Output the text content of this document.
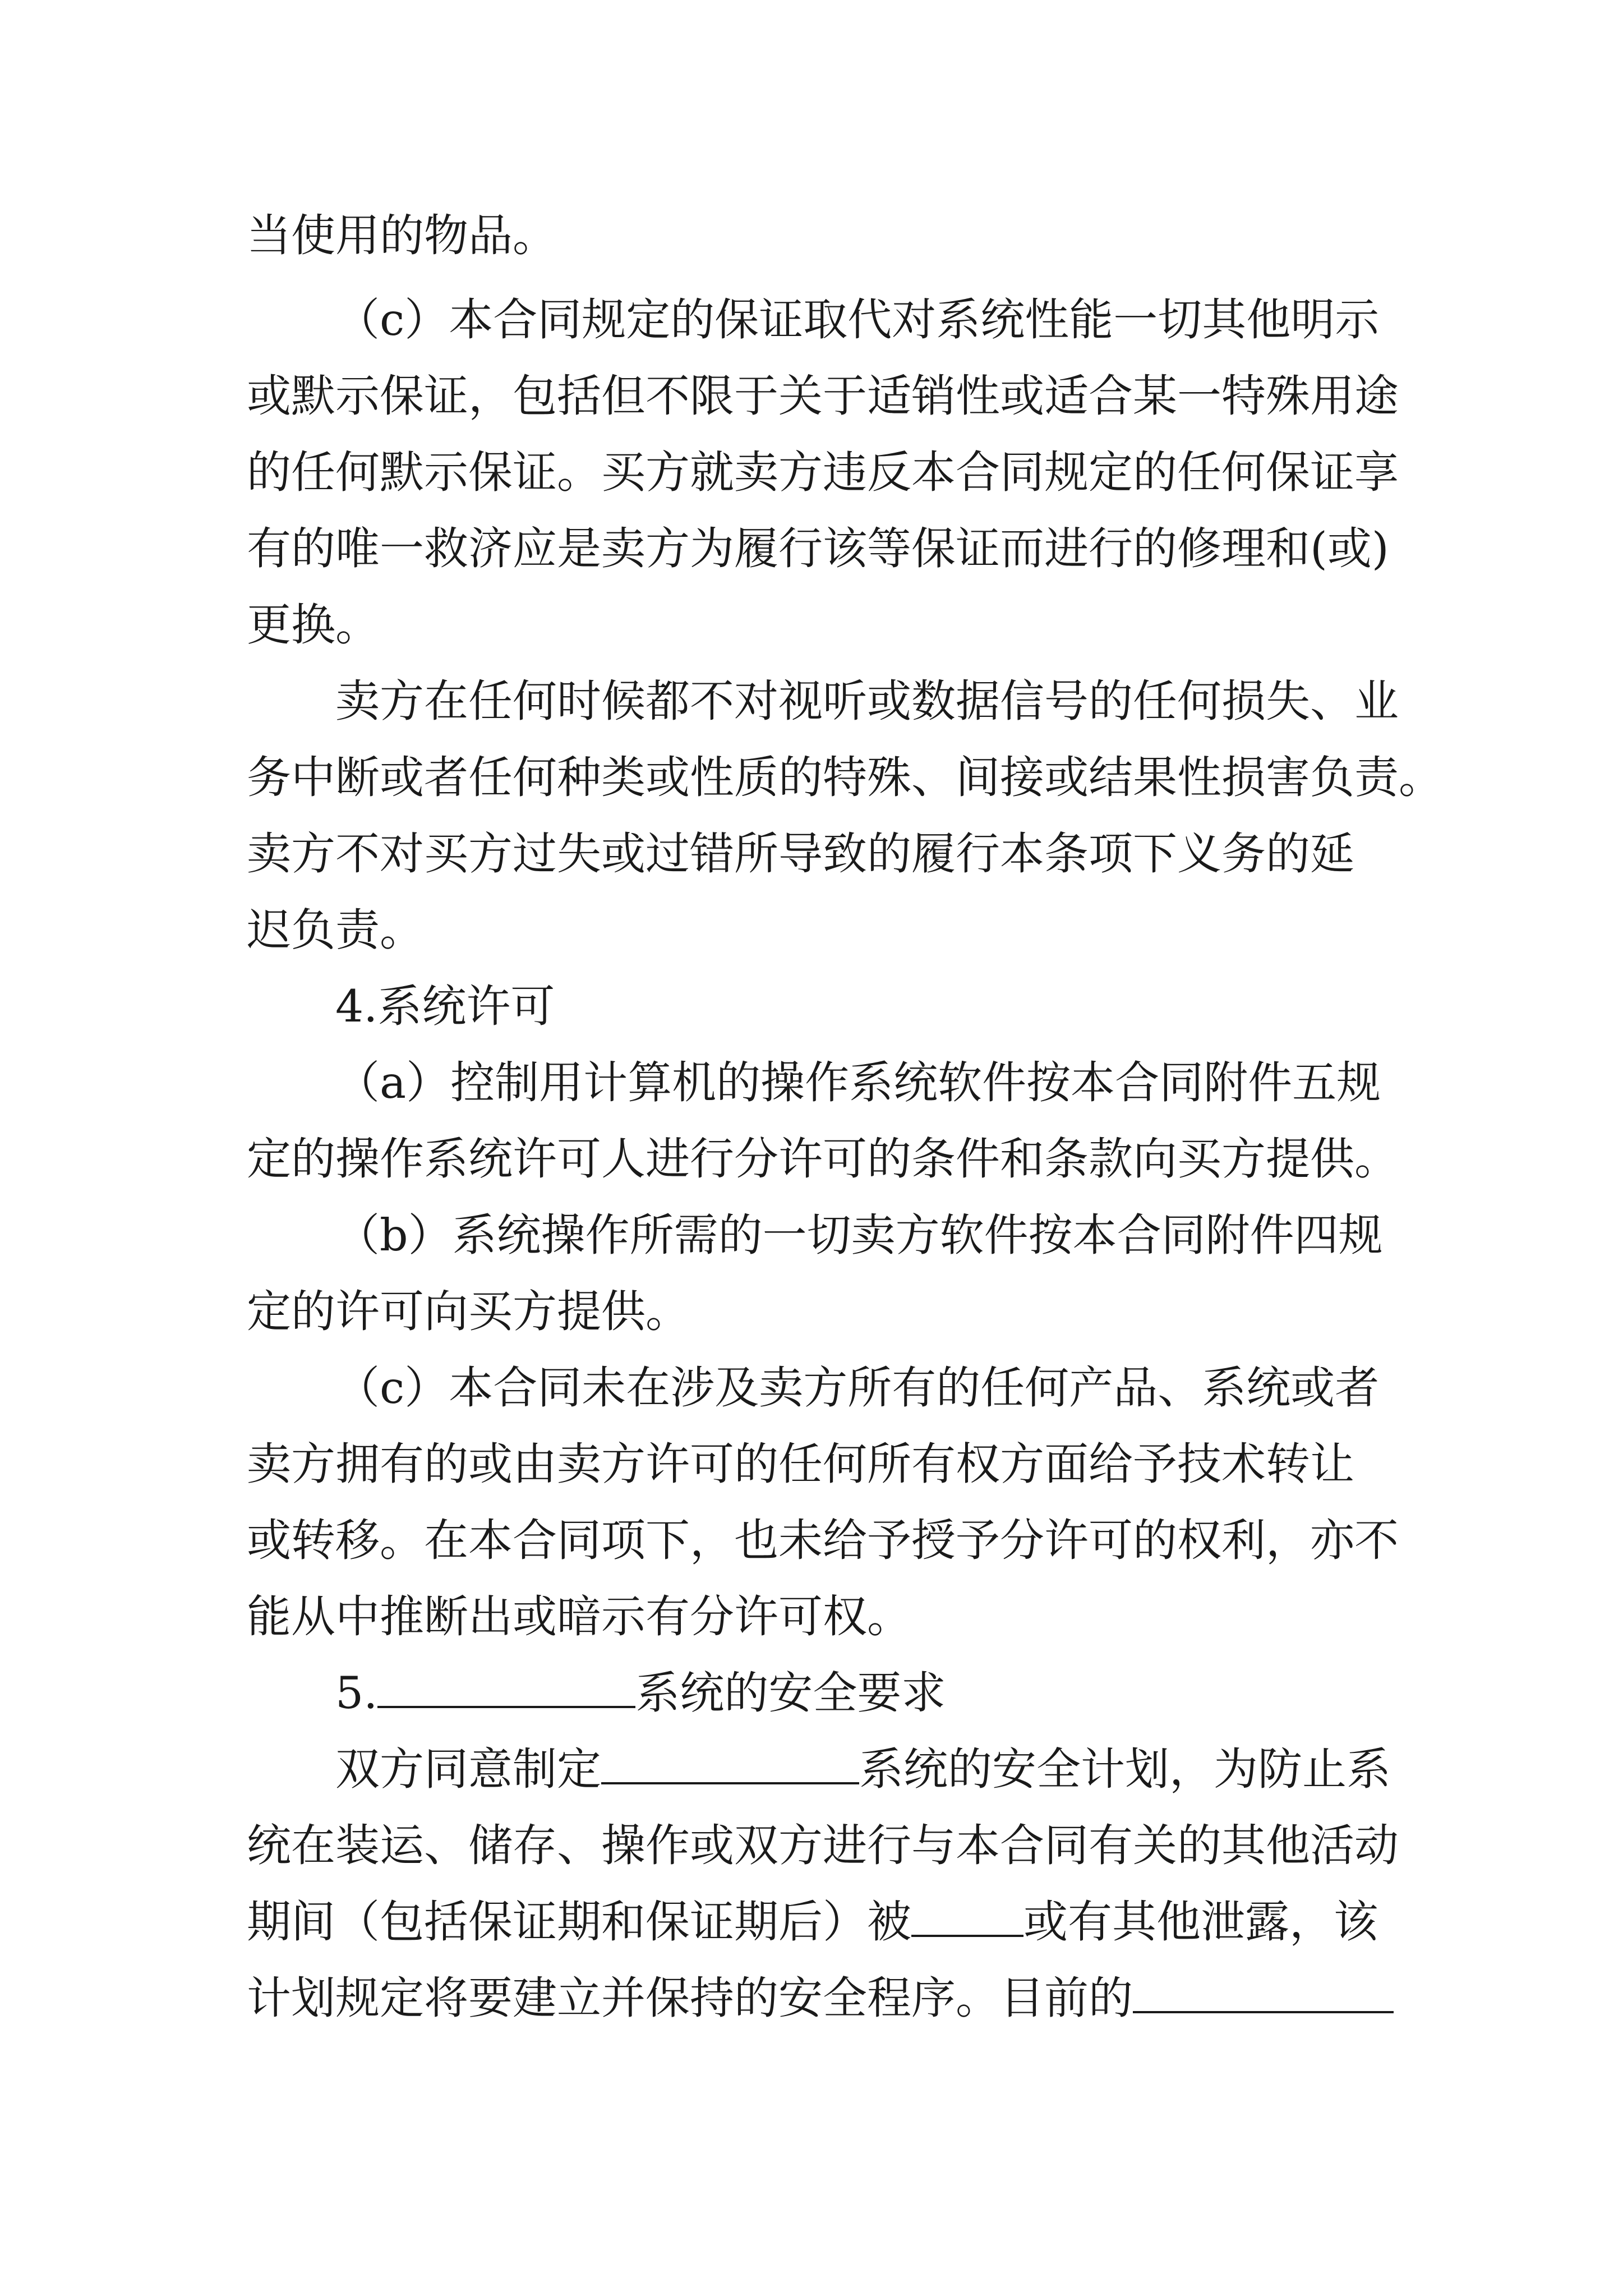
当使用的物品。
（c）本合同规定的保证取代对系统性能一切其他明示
或默示保证，包括但不限于关于适销性或适合某一特殊用途
的任何默示保证。买方就卖方违反本合同规定的任何保证享
有的唯一救济应是卖方为履行该等保证而进行的修理和(或)
更换。
卖方在任何时候都不对视听或数据信号的任何损失、业
务中断或者任何种类或性质的特殊、间接或结果性损害负责。
卖方不对买方过失或过错所导致的履行本条项下义务的延
迟负责。
4.系统许可
（a）控制用计算机的操作系统软件按本合同附件五规
定的操作系统许可人进行分许可的条件和条款向买方提供。
（b）系统操作所需的一切卖方软件按本合同附件四规
定的许可向买方提供。
（c）本合同未在涉及卖方所有的任何产品、系统或者
卖方拥有的或由卖方许可的任何所有权方面给予技术转让
或转移。在本合同项下，也未给予授予分许可的权利，亦不
能从中推断出或暗示有分许可权。
5.	系统的安全要求
双方同意制定	系统的安全计划，为防止系
统在装运、储存、操作或双方进行与本合同有关的其他活动
期间（包括保证期和保证期后）被	或有其他泄露，该
计划规定将要建立并保持的安全程序。目前的
